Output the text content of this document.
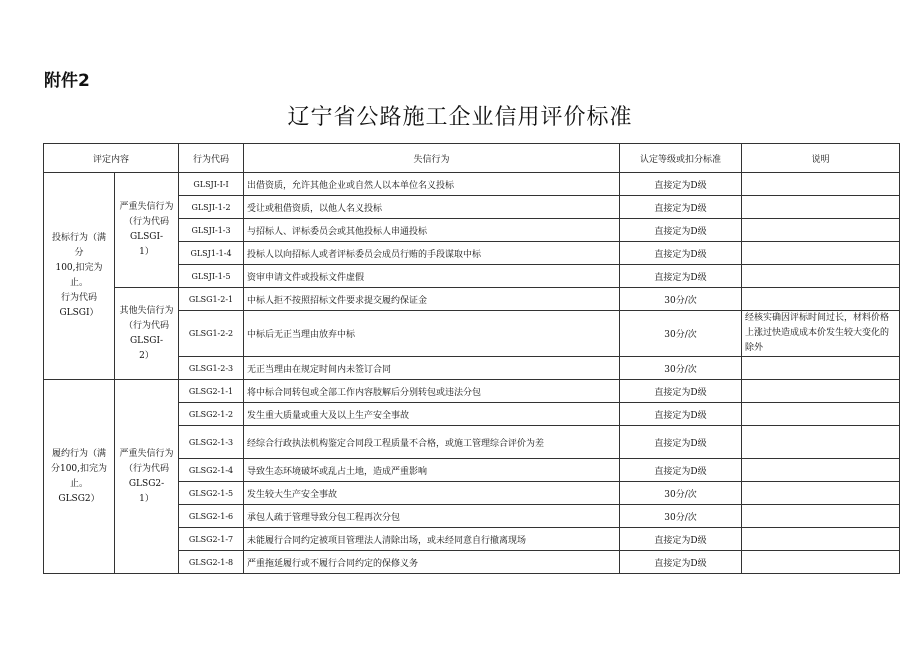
附件2
辽宁省公路施工企业信用评价标准
评定内容		行为代码	失信行为	认定等级或扣分标准	说明

投标行为（满
分
100,扣完为止。
行为代码
GLSGI）	严重失信行为
（行为代码
GLSGI-
1）	GLSJI-I-I	出借资质，允许其他企业或自然人以本单位名义投标	直接定为D级	
		GLSJI-1-2	受让或租借资质，以他人名义投标	直接定为D级	
		GLSJI-1-3	与招标人、评标委员会或其他投标人串通投标	直接定为D级	
		GLSJ1-1-4	投标人以向招标人或者评标委员会成员行贿的手段谋取中标	直接定为D级	
		GLSJI-1-5	资审申请文件或投标文件虚假	直接定为D级	

	其他失信行为
（行为代码
GLSGI-
2）	GLSG1-2-1	中标人拒不按照招标文件要求提交履约保证金	30分/次	
		GLSG1-2-2	中标后无正当理由放弃中标	30分/次	经核实确因评标时间过长，材料价格上涨过快造成成本价发生较大变化的除外
		GLSG1-2-3	无正当理由在规定时间内未签订合同	30分/次	

履约行为（满
分100,扣完为
止。
GLSG2）	严重失信行为
（行为代码
GLSG2-
1）	GLSG2-1-1	将中标合同转包或全部工作内容肢解后分别转包或违法分包	直接定为D级	
		GLSG2-1-2	发生重大质量或重大及以上生产安全事故	直接定为D级	
		GLSG2-1-3	经综合行政执法机构鉴定合同段工程质量不合格，或施工管理综合评价为差	直接定为D级	
		GLSG2-1-4	导致生态环境破坏或乱占土地，造成严重影响	直接定为D级	
		GLSG2-1-5	发生较大生产安全事故	30分/次	
		GLSG2-1-6	承包人疏于管理导致分包工程再次分包	30分/次	
		GLSG2-1-7	未能履行合同约定被项目管理法人清除出场，或未经同意自行撤离现场	直接定为D级	
		GLSG2-1-8	严重拖延履行或不履行合同约定的保修义务	直接定为D级	
